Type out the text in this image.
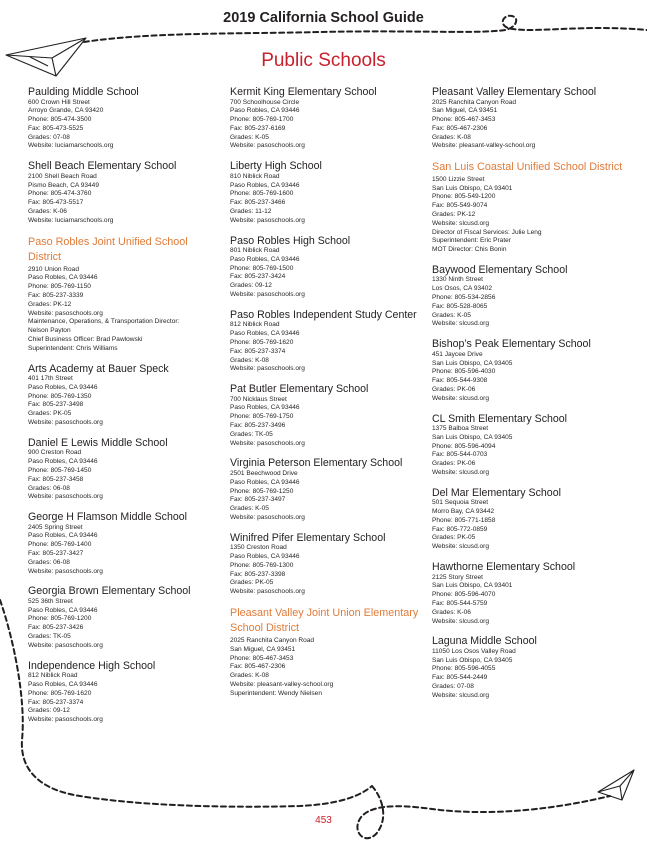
2019 California School Guide
Public Schools
Paulding Middle School
600 Crown Hill Street
Arroyo Grande, CA 93420
Phone: 805-474-3500
Fax: 805-473-5525
Grades: 07-08
Website: luciamarschools.org
Shell Beach Elementary School
2100 Shell Beach Road
Pismo Beach, CA 93449
Phone: 805-474-3760
Fax: 805-473-5517
Grades: K-06
Website: luciamarschools.org
Paso Robles Joint Unified School District
2910 Union Road
Paso Robles, CA 93446
Phone: 805-769-1150
Fax: 805-237-3339
Grades: PK-12
Website: pasoschools.org
Maintenance, Operations, & Transportation Director:
Nelson Payton
Chief Business Officer: Brad Pawlowski
Superintendent: Chris Williams
Arts Academy at Bauer Speck
401 17th Street
Paso Robles, CA 93446
Phone: 805-769-1350
Fax: 805-237-3498
Grades: PK-05
Website: pasoschools.org
Daniel E Lewis Middle School
900 Creston Road
Paso Robles, CA 93446
Phone: 805-769-1450
Fax: 805-237-3458
Grades: 06-08
Website: pasoschools.org
George H Flamson Middle School
2405 Spring Street
Paso Robles, CA 93446
Phone: 805-769-1400
Fax: 805-237-3427
Grades: 06-08
Website: pasoschools.org
Georgia Brown Elementary School
525 36th Street
Paso Robles, CA 93446
Phone: 805-769-1200
Fax: 805-237-3426
Grades: TK-05
Website: pasoschools.org
Independence High School
812 Niblick Road
Paso Robles, CA 93446
Phone: 805-769-1620
Fax: 805-237-3374
Grades: 09-12
Website: pasoschools.org
Kermit King Elementary School
700 Schoolhouse Circle
Paso Robles, CA 93446
Phone: 805-769-1700
Fax: 805-237-6169
Grades: K-05
Website: pasoschools.org
Liberty High School
810 Niblick Road
Paso Robles, CA 93446
Phone: 805-769-1600
Fax: 805-237-3466
Grades: 11-12
Website: pasoschools.org
Paso Robles High School
801 Niblick Road
Paso Robles, CA 93446
Phone: 805-769-1500
Fax: 805-237-3424
Grades: 09-12
Website: pasoschools.org
Paso Robles Independent Study Center
812 Niblick Road
Paso Robles, CA 93446
Phone: 805-769-1620
Fax: 805-237-3374
Grades: K-08
Website: pasoschools.org
Pat Butler Elementary School
700 Nicklaus Street
Paso Robles, CA 93446
Phone: 805-769-1750
Fax: 805-237-3496
Grades: TK-05
Website: pasoschools.org
Virginia Peterson Elementary School
2501 Beechwood Drive
Paso Robles, CA 93446
Phone: 805-769-1250
Fax: 805-237-3497
Grades: K-05
Website: pasoschools.org
Winifred Pifer Elementary School
1350 Creston Road
Paso Robles, CA 93446
Phone: 805-769-1300
Fax: 805-237-3398
Grades: PK-05
Website: pasoschools.org
Pleasant Valley Joint Union Elementary School District
2025 Ranchita Canyon Road
San Miguel, CA 93451
Phone: 805-467-3453
Fax: 805-467-2306
Grades: K-08
Website: pleasant-valley-school.org
Superintendent: Wendy Nielsen
Pleasant Valley Elementary School
2025 Ranchita Canyon Road
San Miguel, CA 93451
Phone: 805-467-3453
Fax: 805-467-2306
Grades: K-08
Website: pleasant-valley-school.org
San Luis Coastal Unified School District
1500 Lizzie Street
San Luis Obispo, CA 93401
Phone: 805-549-1200
Fax: 805-549-9074
Grades: PK-12
Website: slcusd.org
Director of Fiscal Services: Julie Leng
Superintendent: Eric Prater
MOT Director: Chis Bonin
Baywood Elementary School
1330 Ninth Street
Los Osos, CA 93402
Phone: 805-534-2856
Fax: 805-528-8065
Grades: K-05
Website: slcusd.org
Bishop’s Peak Elementary School
451 Jaycee Drive
San Luis Obispo, CA 93405
Phone: 805-596-4030
Fax: 805-544-9308
Grades: PK-06
Website: slcusd.org
CL Smith Elementary School
1375 Balboa Street
San Luis Obispo, CA 93405
Phone: 805-596-4094
Fax: 805-544-0703
Grades: PK-06
Website: slcusd.org
Del Mar Elementary School
501 Sequoia Street
Morro Bay, CA 93442
Phone: 805-771-1858
Fax: 805-772-0859
Grades: PK-05
Website: slcusd.org
Hawthorne Elementary School
2125 Story Street
San Luis Obispo, CA 93401
Phone: 805-596-4070
Fax: 805-544-5759
Grades: K-06
Website: slcusd.org
Laguna Middle School
11050 Los Osos Valley Road
San Luis Obispo, CA 93405
Phone: 805-596-4055
Fax: 805-544-2449
Grades: 07-08
Website: slcusd.org
453
